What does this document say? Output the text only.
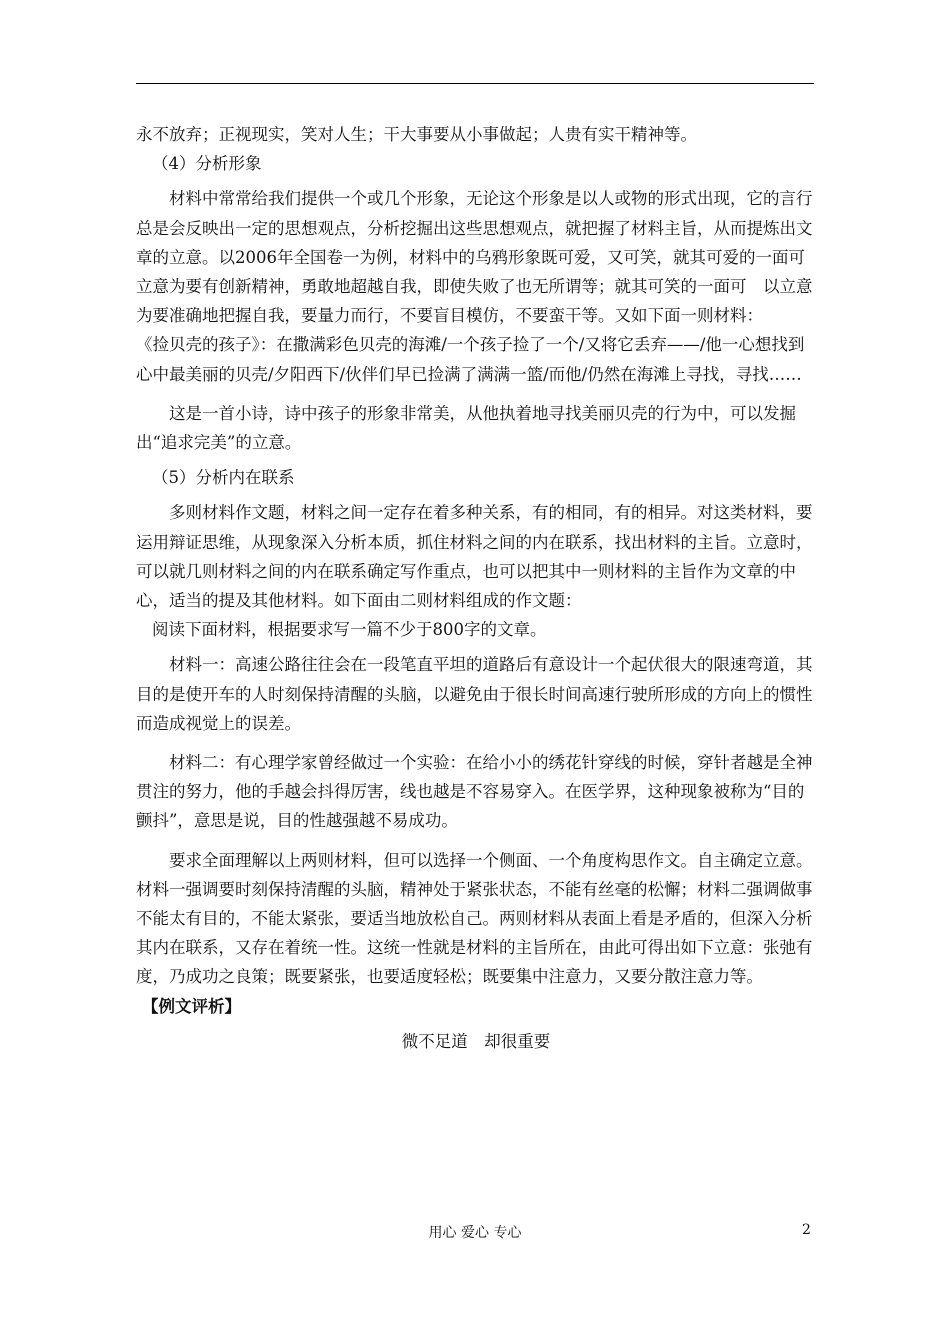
永不放弃；正视现实，笑对人生；干大事要从小事做起；人贵有实干精神等。

（4）分析形象

材料中常常给我们提供一个或几个形象，无论这个形象是以人或物的形式出现，它的言行总是会反映出一定的思想观点，分析挖掘出这些思想观点，就把握了材料主旨，从而提炼出文章的立意。以2006年全国卷一为例，材料中的乌鸦形象既可爱，又可笑，就其可爱的一面可立意为要有创新精神，勇敢地超越自我，即使失败了也无所谓等；就其可笑的一面可　以立意为要准确地把握自我，要量力而行，不要盲目模仿，不要蛮干等。又如下面一则材料：

《捡贝壳的孩子》：在撒满彩色贝壳的海滩/一个孩子捡了一个/又将它丢弃——/他一心想找到心中最美丽的贝壳/夕阳西下/伙伴们早已捡满了满满一篮/而他/仍然在海滩上寻找，寻找……

这是一首小诗，诗中孩子的形象非常美，从他执着地寻找美丽贝壳的行为中，可以发掘出“追求完美”的立意。

（5）分析内在联系

多则材料作文题，材料之间一定存在着多种关系，有的相同，有的相异。对这类材料，要运用辩证思维，从现象深入分析本质，抓住材料之间的内在联系，找出材料的主旨。立意时，可以就几则材料之间的内在联系确定写作重点，也可以把其中一则材料的主旨作为文章的中心，适当的提及其他材料。如下面由二则材料组成的作文题：

阅读下面材料，根据要求写一篇不少于800字的文章。

材料一：高速公路往往会在一段笔直平坦的道路后有意设计一个起伏很大的限速弯道，其目的是使开车的人时刻保持清醒的头脑，以避免由于很长时间高速行驶所形成的方向上的惯性而造成视觉上的误差。

材料二：有心理学家曾经做过一个实验：在给小小的绣花针穿线的时候，穿针者越是全神贯注的努力，他的手越会抖得厉害，线也越是不容易穿入。在医学界，这种现象被称为“目的颤抖”，意思是说，目的性越强越不易成功。

要求全面理解以上两则材料，但可以选择一个侧面、一个角度构思作文。自主确定立意。

材料一强调要时刻保持清醒的头脑，精神处于紧张状态，不能有丝毫的松懈；材料二强调做事不能太有目的，不能太紧张，要适当地放松自己。两则材料从表面上看是矛盾的，但深入分析其内在联系，又存在着统一性。这统一性就是材料的主旨所在，由此可得出如下立意：张弛有度，乃成功之良策；既要紧张，也要适度轻松；既要集中注意力，又要分散注意力等。

【例文评析】

微不足道　却很重要

用心 爱心 专心	2
